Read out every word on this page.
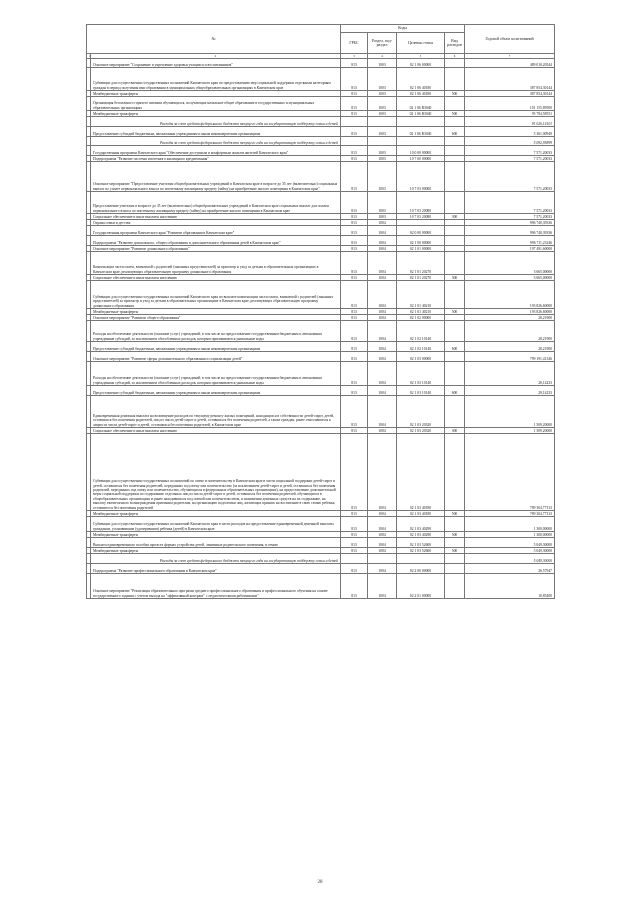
№		Коды				Годовой объем ассигнований
		ГРБС	Раздел, под-раздел	Целевая статья	Вид расходов	
1	2	3	4	5	6	7
	Основное мероприятие "Сохранение и укрепление здоровья учащихся и воспитанников"	813	1003	02 1 06 00000		489 010,20544
	Субвенции для осуществления государственных полномочий Камчатского края по предоставлению мер социальной поддержки отдельным категориям граждан в период получения ими образования в муниципальных общеобразовательных организациях в Камчатском крае	813	1003	02 1 06 40180		387 854,30144
	Межбюджетные трансферты	813	1003	02 1 06 40180	500	387 854,30144
	Организация бесплатного горячего питания обучающихся, получающих начальное общее образование в государственных и муниципальных образовательных организациях	813	1003	02 1 06 R3040		101 155,89500
	Межбюджетные трансферты	813	1003	02 1 06 R3040	500	95 794,58551
	Расходы за счет средств федерального бюджета текущего года на государственную поддержку семьи и детей					91 026,14101
	Предоставление субсидий бюджетным, автономным учреждениям и иным некоммерческим организациям	813	1003	02 1 06 R3040	600	5 361,00949
	Расходы за счет средств федерального бюджета текущего года на государственную поддержку семьи и детей					5 092,95899
	Государственная программа Камчатского края "Обеспечение доступным и комфортным жильем жителей Камчатского края"	813	1003	10 0 00 00000		7 571,20033
	Подпрограмма "Развитие системы ипотечного жилищного кредитования"	813	1003	10 7 00 00000		7 571,20033
	Основное мероприятие "Предоставление учителям общеобразовательных учреждений в Камчатском крае в возрасте до 35 лет (включительно) социальных выплат по уплате первоначального взноса по ипотечному жилищному кредиту (займу) на приобретение жилого помещения в Камчатском крае"	813	1003	10 7 03 00000		7 571,20033
	Предоставление учителям в возрасте до 35 лет (включительно) общеобразовательных учреждений в Камчатском крае социальных выплат для оплаты первоначального взноса по ипотечному жилищному кредиту (займу) на приобретение жилого помещения в Камчатском крае	813	1003	10 7 03 20080		7 571,20033
	Социальное обеспечение и иные выплаты населению	813	1003	10 7 03 20080	300	7 571,20033
	Охрана семьи и детства	813	1004			996 740,39336
	Государственная программа Камчатского края "Развитие образования в Камчатском крае"	813	1004	02 0 00 00000		996 740,39336
	Подпрограмма "Развитие дошкольного, общего образования и дополнительного образования детей в Камчатском крае"	813	1004	02 1 00 00000		996 711,23246
	Основное мероприятие "Развитие дошкольного образования"	813	1004	02 1 01 00000		197 491,60000
	Компенсация части платы, взимаемой с родителей (законных представителей) за присмотр и уход за детьми в образовательных организациях в Камчатском крае, реализующих образовательную программу дошкольного образования	813	1004	02 1 01 20270		3 665,00000
	Социальное обеспечение и иные выплаты населению	813	1004	02 1 01 20270	300	3 665,00000
	Субвенции для осуществления государственных полномочий Камчатского края по выплате компенсации части платы, взимаемой с родителей (законных представителей) за присмотр и уход за детьми в образовательных организациях в Камчатском крае, реализующих образовательную программу дошкольного образования	813	1004	02 1 01 40210		193 826,60000
	Межбюджетные трансферты	813	1004	02 1 01 40210	500	193 826,60000
	Основное мероприятие "Развитие общего образования"	813	1004	02 1 02 00000		28,21900
	Расходы на обеспечение деятельности (оказание услуг) учреждений, в том числе на предоставление государственным бюджетным и автономным учреждениям субсидий, за исключением обособленных расходов, которым присваиваются уникальные коды	813	1004	02 1 02 10140		28,21900
	Предоставление субсидий бюджетным, автономным учреждениям и иным некоммерческим организациям	813	1004	02 1 02 10140	600	28,21900
	Основное мероприятие "Развитие сферы дополнительного образования и социализации детей"	813	1004	02 1 03 00000		799 191,41346
	Расходы на обеспечение деятельности (оказание услуг) учреждений, в том числе на предоставление государственным бюджетным и автономным учреждениям субсидий, за исключением обособленных расходов, которым присваиваются уникальные коды	813	1004	02 1 03 10140		28,14233
	Предоставление субсидий бюджетным, автономным учреждениям и иным некоммерческим организациям	813	1004	02 1 03 10140	600	28,14233
	Единовременная денежная выплата на возмещение расходов по текущему ремонту жилых помещений, находящихся в собственности детей-сирот, детей, оставшихся без попечения родителей, лиц из числа детей-сирот и детей, оставшихся без попечения родителей, а также граждан, ранее относившихся к лицам из числа детей-сирот и детей, оставшихся без попечения родителей, в Камчатском крае	813	1004	02 1 03 20320		1 509,20000
	Социальное обеспечение и иные выплаты населению	813	1004	02 1 03 20320	300	1 509,20000
	Субвенции для осуществления государственных полномочий по опеке и попечительству в Камчатском крае в части социальной поддержки детей-сирот и детей, оставшихся без попечения родителей, переданных под опеку или попечительство (за исключением детей-сирот и детей, оставшихся без попечения родителей, переданных под опеку или попечительство, обучающихся в федеральных образовательных организациях), на предоставление дополнительной меры социальной поддержки по содержанию отдельных лиц из числа детей-сирот и детей, оставшихся без попечения родителей, обучающихся в общеобразовательных организациях и ранее находившихся под опекой или попечительством, и назначения денежных средств на их содержание, на выплату ежемесячного вознаграждения приемным родителям, на организацию подготовки лиц, желающих принять на воспитание в свою семью ребенка, оставшегося без попечения родителей	813	1004	02 1 03 40180		789 304,77313
	Межбюджетные трансферты	813	1004	02 1 03 40180	500	789 304,77313
	Субвенции для осуществления государственных полномочий Камчатского края в части расходов на предоставление единовременной денежной выплаты гражданам, усыновившим (удочерившим) ребенка (детей) в Камчатском крае	813	1004	02 1 03 40290		1 300,00000
	Межбюджетные трансферты	813	1004	02 1 03 40290	500	1 300,00000
	Выплата единовременного пособия при всех формах устройства детей, лишенных родительского попечения, в семью	813	1004	02 1 03 52600		5 049,30000
	Межбюджетные трансферты	813	1004	02 1 03 52600	500	5 049,30000
	Расходы за счет средств федерального бюджета текущего года на государственную поддержку семьи и детей					5 049,30000
	Подпрограмма "Развитие профессионального образования в Камчатском крае"	813	1004	02 2 00 00000		26,57947
	Основное мероприятие "Реализация образовательных программ среднего профессионального образования и профессионального обучения на основе государственного задания с учетом выхода на "эффективный контракт" с педагогическими работниками"	813	1004	02 2 01 00000		10,85400
28
